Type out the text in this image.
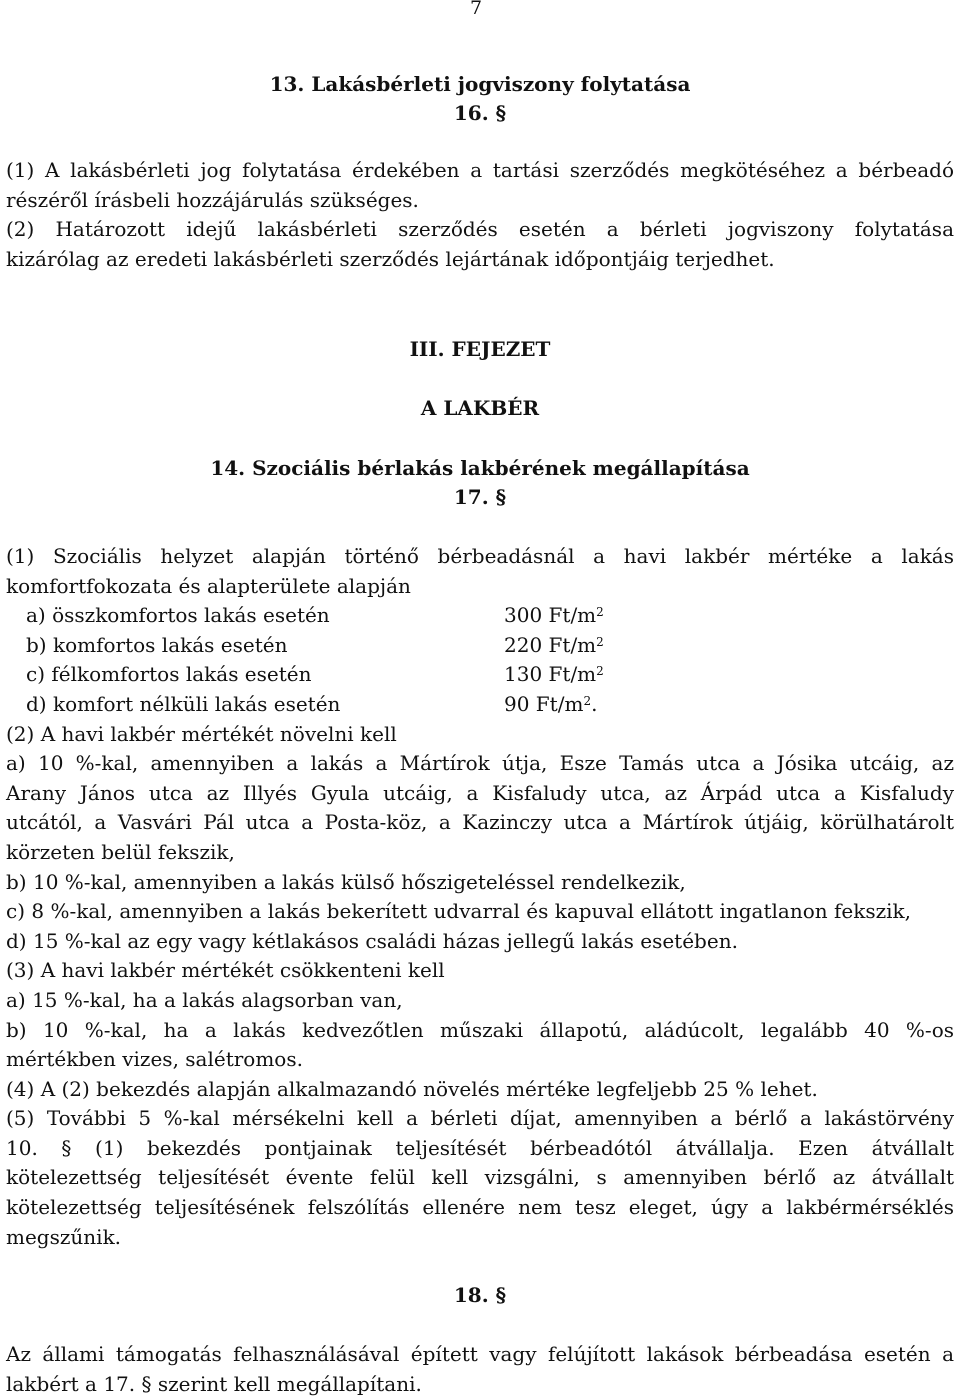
7
13. Lakásbérleti jogviszony folytatása
16. §

(1) A lakásbérleti jog folytatása érdekében a tartási szerződés megkötéséhez a bérbeadó

részéről írásbeli hozzájárulás szükséges.

(2) Határozott idejű lakásbérleti szerződés esetén a bérleti jogviszony folytatása

kizárólag az eredeti lakásbérleti szerződés lejártának időpontjáig terjedhet.

III. FEJEZET
A LAKBÉR
14. Szociális bérlakás lakbérének megállapítása
17. §

(1) Szociális helyzet alapján történő bérbeadásnál a havi lakbér mértéke a lakás

komfortfokozata és alapterülete alapján

a) összkomfortos lakás esetén	300 $Ft/m^2$
b) komfortos lakás esetén	220 $Ft/m^2$
c) félkomfortos lakás esetén	130 $Ft/m^2$
d) komfort nélküli lakás esetén	90 $Ft/m^2$.

(2) A havi lakbér mértékét növelni kell

a) 10 %-kal, amennyiben a lakás a Mártírok útja, Esze Tamás utca a Jósika utcáig, az

Arany János utca az Illyés Gyula utcáig, a Kisfaludy utca, az Árpád utca a Kisfaludy

utcától, a Vasvári Pál utca a Posta-köz, a Kazinczy utca a Mártírok útjáig, körülhatárolt

körzeten belül fekszik,

b) 10 %-kal, amennyiben a lakás külső hőszigeteléssel rendelkezik,

c) 8 %-kal, amennyiben a lakás bekerített udvarral és kapuval ellátott ingatlanon fekszik,

d) 15 %-kal az egy vagy kétlakásos családi házas jellegű lakás esetében.

(3) A havi lakbér mértékét csökkenteni kell

a) 15 %-kal, ha a lakás alagsorban van,

b) 10 %-kal, ha a lakás kedvezőtlen műszaki állapotú, aládúcolt, legalább 40 %-os

mértékben vizes, salétromos.

(4) A (2) bekezdés alapján alkalmazandó növelés mértéke legfeljebb 25 % lehet.

(5) További 5 %-kal mérsékelni kell a bérleti díjat, amennyiben a bérlő a lakástörvény

10. § (1) bekezdés pontjainak teljesítését bérbeadótól átvállalja. Ezen átvállalt

kötelezettség teljesítését évente felül kell vizsgálni, s amennyiben bérlő az átvállalt

kötelezettség teljesítésének felszólítás ellenére nem tesz eleget, úgy a lakbérmérséklés

megszűnik.

18. §

Az állami támogatás felhasználásával épített vagy felújított lakások bérbeadása esetén a

lakbért a 17. § szerint kell megállapítani.
